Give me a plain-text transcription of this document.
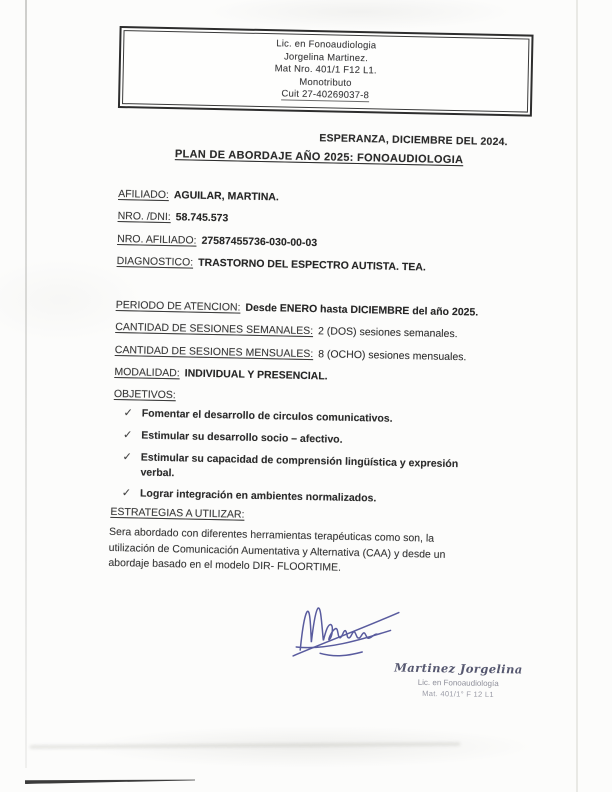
Lic. en Fonoaudiologia
Jorgelina Martinez.
Mat Nro. 401/1 F12 L1.
Monotributo
Cuit 27-40269037-8
ESPERANZA, DICIEMBRE DEL 2024.
PLAN DE ABORDAJE AÑO 2025: FONOAUDIOLOGIA
AFILIADO: AGUILAR, MARTINA.
NRO. /DNI: 58.745.573
NRO. AFILIADO: 27587455736-030-00-03
DIAGNOSTICO: TRASTORNO DEL ESPECTRO AUTISTA. TEA.
PERIODO DE ATENCION: Desde ENERO hasta DICIEMBRE del año 2025.
CANTIDAD DE SESIONES SEMANALES: 2 (DOS) sesiones semanales.
CANTIDAD DE SESIONES MENSUALES: 8 (OCHO) sesiones mensuales.
MODALIDAD: INDIVIDUAL Y PRESENCIAL.
OBJETIVOS:
✓ Fomentar el desarrollo de circulos comunicativos.
✓ Estimular su desarrollo socio – afectivo.
✓ Estimular su capacidad de comprensión lingüística y expresión verbal.
✓ Lograr integración en ambientes normalizados.
ESTRATEGIAS A UTILIZAR:
Sera abordado con diferentes herramientas terapéuticas como son, la utilización de Comunicación Aumentativa y Alternativa (CAA) y desde un abordaje basado en el modelo DIR- FLOORTIME.
Martinez Jorgelina
Lic. en Fonoaudiología
Mat. 401/1° F 12 L1
